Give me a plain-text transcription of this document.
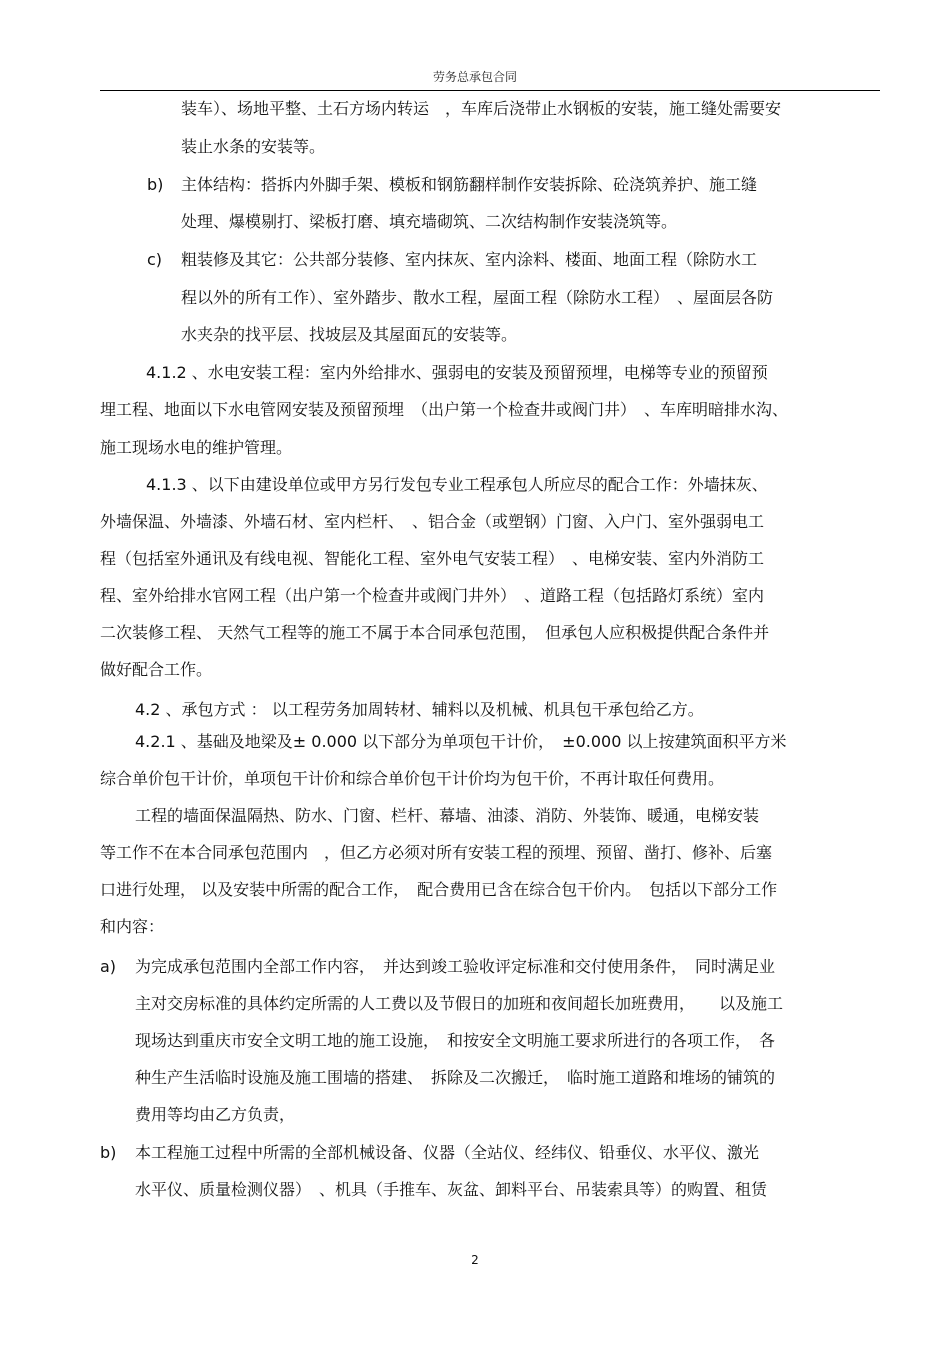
劳务总承包合同
装车）、场地平整、土石方场内转运　，车库后浇带止水钢板的安装，施工缝处需要安
装止水条的安装等。
b) 主体结构：搭拆内外脚手架、模板和钢筋翻样制作安装拆除、砼浇筑养护、施工缝
处理、爆模剔打、梁板打磨、填充墙砌筑、二次结构制作安装浇筑等。
c) 粗装修及其它：公共部分装修、室内抹灰、室内涂料、楼面、地面工程（除防水工
程以外的所有工作）、室外踏步、散水工程，屋面工程（除防水工程）　、屋面层各防
水夹杂的找平层、找坡层及其屋面瓦的安装等。
4.1.2 、水电安装工程：室内外给排水、强弱电的安装及预留预埋，电梯等专业的预留预
埋工程、地面以下水电管网安装及预留预埋　（出户第一个检查井或阀门井）　、车库明暗排水沟、
施工现场水电的维护管理。
4.1.3 、以下由建设单位或甲方另行发包专业工程承包人所应尽的配合工作：外墙抹灰、
外墙保温、外墙漆、外墙石材、室内栏杆、　、铝合金（或塑钢）门窗、入户门、室外强弱电工
程（包括室外通讯及有线电视、智能化工程、室外电气安装工程）　、电梯安装、室内外消防工
程、室外给排水官网工程（出户第一个检查井或阀门井外）　、道路工程（包括路灯系统）室内
二次装修工程、 天然气工程等的施工不属于本合同承包范围，　但承包人应积极提供配合条件并
做好配合工作。
4.2 、承包方式 ： 以工程劳务加周转材、辅料以及机械、机具包干承包给乙方。
4.2.1 、基础及地梁及± 0.000 以下部分为单项包干计价，　±0.000 以上按建筑面积平方米
综合单价包干计价，单项包干计价和综合单价包干计价均为包干价，不再计取任何费用。
工程的墙面保温隔热、防水、门窗、栏杆、幕墙、油漆、消防、外装饰、暖通，电梯安装
等工作不在本合同承包范围内　，但乙方必须对所有安装工程的预埋、预留、凿打、修补、后塞
口进行处理， 以及安装中所需的配合工作，　配合费用已含在综合包干价内。　包括以下部分工作
和内容：
a) 为完成承包范围内全部工作内容，　并达到竣工验收评定标准和交付使用条件，　同时满足业
主对交房标准的具体约定所需的人工费以及节假日的加班和夜间超长加班费用，　　以及施工
现场达到重庆市安全文明工地的施工设施，　和按安全文明施工要求所进行的各项工作，　各
种生产生活临时设施及施工围墙的搭建、　拆除及二次搬迁，　临时施工道路和堆场的铺筑的
费用等均由乙方负责，
b) 本工程施工过程中所需的全部机械设备、仪器（全站仪、经纬仪、铅垂仪、水平仪、激光
水平仪、质量检测仪器）　、机具（手推车、灰盆、卸料平台、吊装索具等）的购置、租赁
2
